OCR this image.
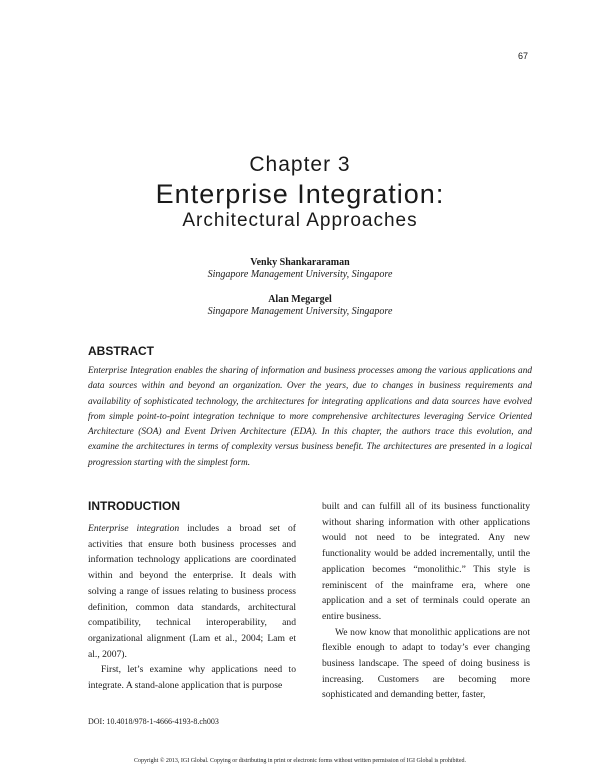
67
Chapter 3
Enterprise Integration:
Architectural Approaches
Venky Shankararaman
Singapore Management University, Singapore
Alan Megargel
Singapore Management University, Singapore
ABSTRACT

Enterprise Integration enables the sharing of information and business processes among the various applications and data sources within and beyond an organization. Over the years, due to changes in business requirements and availability of sophisticated technology, the architectures for integrating applications and data sources have evolved from simple point-to-point integration technique to more comprehensive architectures leveraging Service Oriented Architecture (SOA) and Event Driven Architecture (EDA). In this chapter, the authors trace this evolution, and examine the architectures in terms of complexity versus business benefit. The architectures are presented in a logical progression starting with the simplest form.

INTRODUCTION

Enterprise integration includes a broad set of activities that ensure both business processes and information technology applications are coordinated within and beyond the enterprise. It deals with solving a range of issues relating to business process definition, common data standards, architectural compatibility, technical interoperability, and organizational alignment (Lam et al., 2004; Lam et al., 2007).

First, let’s examine why applications need to integrate. A stand-alone application that is purpose

built and can fulfill all of its business functionality without sharing information with other applications would not need to be integrated. Any new functionality would be added incrementally, until the application becomes “monolithic.” This style is reminiscent of the mainframe era, where one application and a set of terminals could operate an entire business.

We now know that monolithic applications are not flexible enough to adapt to today’s ever changing business landscape. The speed of doing business is increasing. Customers are becoming more sophisticated and demanding better, faster,

DOI: 10.4018/978-1-4666-4193-8.ch003
Copyright © 2013, IGI Global. Copying or distributing in print or electronic forms without written permission of IGI Global is prohibited.
